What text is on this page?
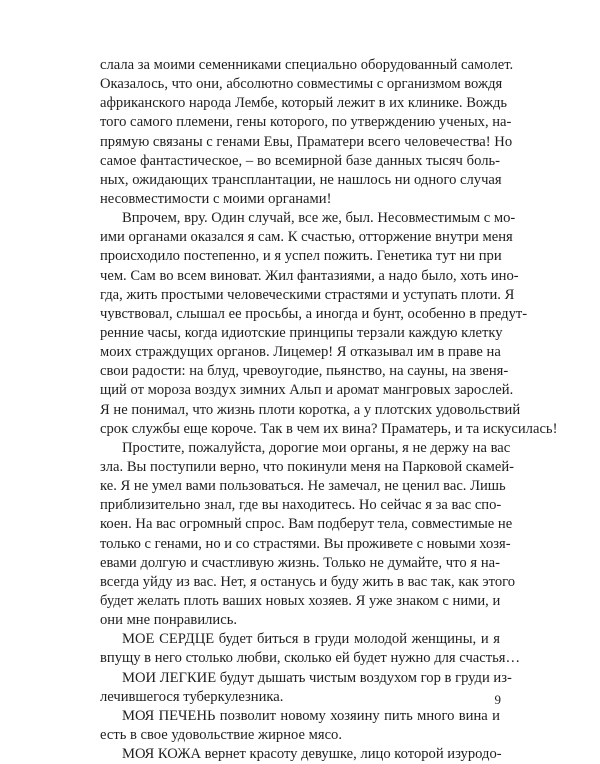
слала за моими семенниками специально оборудованный самолет.
Оказалось, что они, абсолютно совместимы с организмом вождя
африканского народа Лембе, который лежит в их клинике. Вождь
того самого племени, гены которого, по утверждению ученых, на-
прямую связаны с генами Евы, Праматери всего человечества! Но
самое фантастическое, – во всемирной базе данных тысяч боль-
ных, ожидающих трансплантации, не нашлось ни одного случая
несовместимости с моими органами!
Впрочем, вру. Один случай, все же, был. Несовместимым с мо-
ими органами оказался я сам. К счастью, отторжение внутри меня
происходило постепенно, и я успел пожить. Генетика тут ни при
чем. Сам во всем виноват. Жил фантазиями, а надо было, хоть ино-
гда, жить простыми человеческими страстями и уступать плоти. Я
чувствовал, слышал ее просьбы, а иногда и бунт, особенно в предут-
ренние часы, когда идиотские принципы терзали каждую клетку
моих страждущих органов. Лицемер! Я отказывал им в праве на
свои радости: на блуд, чревоугодие, пьянство, на сауны, на звеня-
щий от мороза воздух зимних Альп и аромат мангровых зарослей.
Я не понимал, что жизнь плоти коротка, а у плотских удовольствий
срок службы еще короче. Так в чем их вина? Праматерь, и та искусилась!
Простите, пожалуйста, дорогие мои органы, я не держу на вас
зла. Вы поступили верно, что покинули меня на Парковой скамей-
ке. Я не умел вами пользоваться. Не замечал, не ценил вас. Лишь
приблизительно знал, где вы находитесь. Но сейчас я за вас спо-
коен. На вас огромный спрос. Вам подберут тела, совместимые не
только с генами, но и со страстями. Вы проживете с новыми хозя-
евами долгую и счастливую жизнь. Только не думайте, что я на-
всегда уйду из вас. Нет, я останусь и буду жить в вас так, как этого
будет желать плоть ваших новых хозяев. Я уже знаком с ними, и
они мне понравились.
МОЕ СЕРДЦЕ будет биться в груди молодой женщины, и я
впущу в него столько любви, сколько ей будет нужно для счастья…
МОИ ЛЕГКИЕ будут дышать чистым воздухом гор в груди из-
лечившегося туберкулезника.
МОЯ ПЕЧЕНЬ позволит новому хозяину пить много вина и
есть в свое удовольствие жирное мясо.
МОЯ КОЖА вернет красоту девушке, лицо которой изуродо-
9
